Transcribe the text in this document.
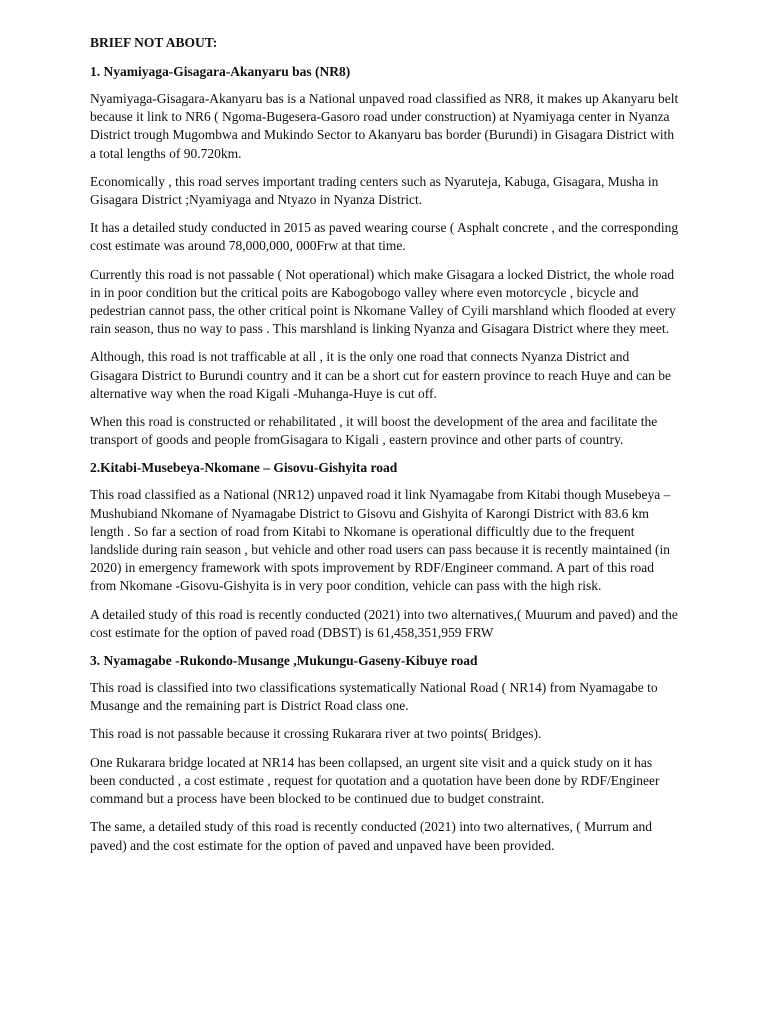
BRIEF NOT ABOUT:
1. Nyamiyaga-Gisagara-Akanyaru bas (NR8)

Nyamiyaga-Gisagara-Akanyaru bas is a National unpaved road classified as NR8, it makes up Akanyaru belt because it link to NR6 ( Ngoma-Bugesera-Gasoro road under construction) at Nyamiyaga center in Nyanza District trough Mugombwa and Mukindo Sector to Akanyaru bas border (Burundi) in Gisagara District with a total lengths of 90.720km.

Economically , this road serves important trading centers such as Nyaruteja, Kabuga, Gisagara, Musha in Gisagara District ;Nyamiyaga and Ntyazo in Nyanza District.

It has a detailed study conducted in 2015 as paved wearing course ( Asphalt concrete , and the corresponding cost estimate was around 78,000,000, 000Frw at that time.

Currently this road is not passable ( Not operational) which make Gisagara a locked District, the whole road in in poor condition but the critical poits are Kabogobogo valley where even motorcycle , bicycle and pedestrian cannot pass, the other critical point is Nkomane Valley of Cyili marshland which flooded at every rain season, thus no way to pass . This marshland is linking Nyanza and Gisagara District where they meet.

Although, this road is not trafficable at all , it is the only one road that connects Nyanza District and Gisagara District to Burundi country and it can be a short cut for eastern province to reach Huye and can be alternative way when the road Kigali -Muhanga-Huye is cut off.

When this road is constructed or rehabilitated , it will boost the development of the area and facilitate the transport of goods and people fromGisagara to Kigali , eastern province and other parts of country.

2.Kitabi-Musebeya-Nkomane – Gisovu-Gishyita road

This road classified as a National (NR12) unpaved road it link Nyamagabe from Kitabi though Musebeya – Mushubiand Nkomane of Nyamagabe District to Gisovu and Gishyita of Karongi District with 83.6 km length . So far a section of road from Kitabi to Nkomane is operational difficultly due to the frequent landslide during rain season , but vehicle and other road users can pass because it is recently maintained (in 2020) in emergency framework with spots improvement by RDF/Engineer command. A part of this road from Nkomane -Gisovu-Gishyita is in very poor condition, vehicle can pass with the high risk.

A detailed study of this road is recently conducted (2021) into two alternatives,( Muurum and paved) and the cost estimate for the option of paved road (DBST) is 61,458,351,959 FRW

3. Nyamagabe -Rukondo-Musange ,Mukungu-Gaseny-Kibuye road

This road is classified into two classifications systematically National Road ( NR14) from Nyamagabe to Musange and the remaining part is District Road class one.

This road is not passable because it crossing Rukarara river at two points( Bridges).

One Rukarara bridge located at NR14 has been collapsed, an urgent site visit and a quick study on it has been conducted , a cost estimate , request for quotation and a quotation have been done by RDF/Engineer command but a process have been blocked to be continued due to budget constraint.

The same, a detailed study of this road is recently conducted (2021) into two alternatives, ( Murrum and paved) and the cost estimate for the option of paved and unpaved have been provided.
